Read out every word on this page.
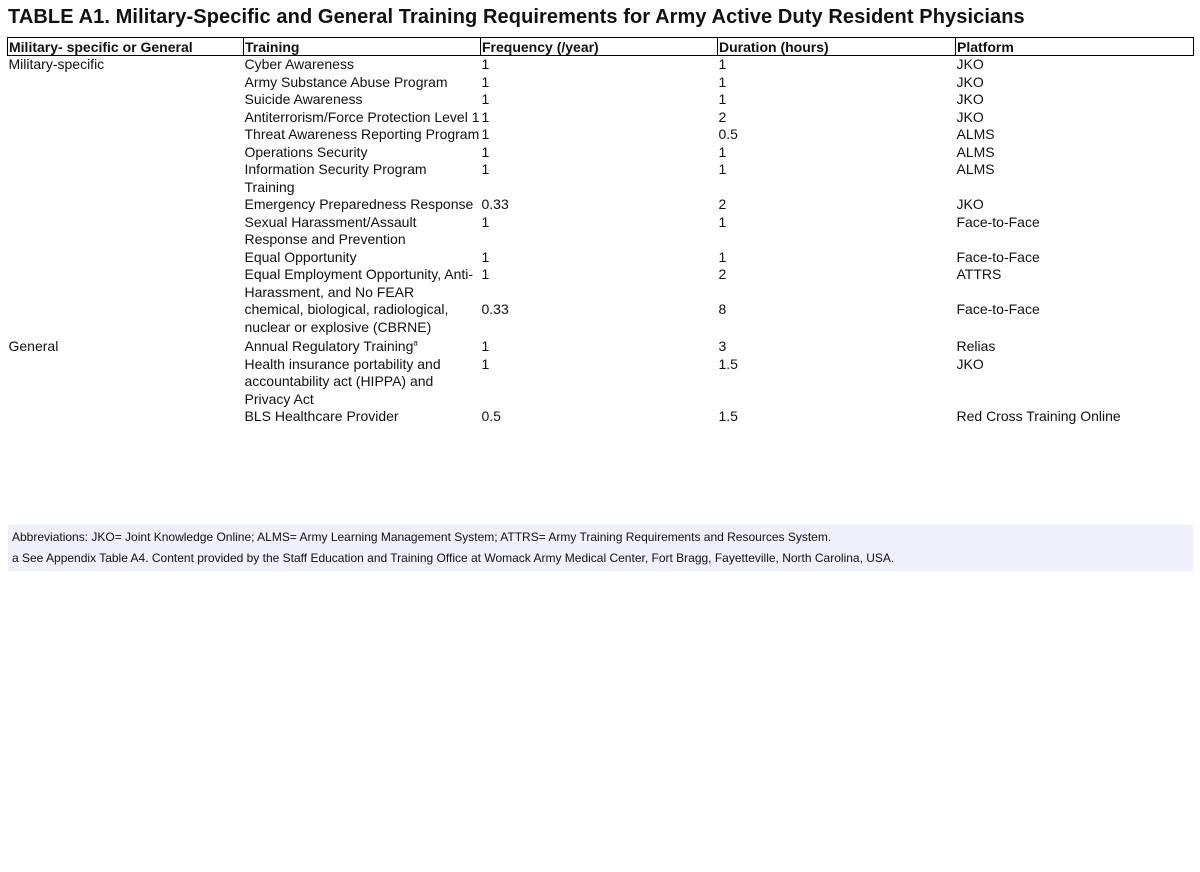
TABLE A1. Military-Specific and General Training Requirements for Army Active Duty Resident Physicians
Military- specific or General	Training	Frequency (/year)	Duration (hours)	Platform
Military-specific	Cyber Awareness	1	1	JKO
	Army Substance Abuse Program	1	1	JKO
	Suicide Awareness	1	1	JKO
	Antiterrorism/Force Protection Level 1	1	2	JKO
	Threat Awareness Reporting Program	1	0.5	ALMS
	Operations Security	1	1	ALMS
	Information Security Program Training	1	1	ALMS
	Emergency Preparedness Response	0.33	2	JKO
	Sexual Harassment/Assault Response and Prevention	1	1	Face-to-Face
	Equal Opportunity	1	1	Face-to-Face
	Equal Employment Opportunity, Anti-Harassment, and No FEAR	1	2	ATTRS
	chemical, biological, radiological, nuclear or explosive (CBRNE)	0.33	8	Face-to-Face
General	Annual Regulatory Training$^a$	1	3	Relias
	Health insurance portability and accountability act (HIPPA) and Privacy Act	1	1.5	JKO
	BLS Healthcare Provider	0.5	1.5	Red Cross Training Online
Abbreviations: JKO= Joint Knowledge Online; ALMS= Army Learning Management System; ATTRS= Army Training Requirements and Resources System.
a See Appendix Table A4. Content provided by the Staff Education and Training Office at Womack Army Medical Center, Fort Bragg, Fayetteville, North Carolina, USA.
